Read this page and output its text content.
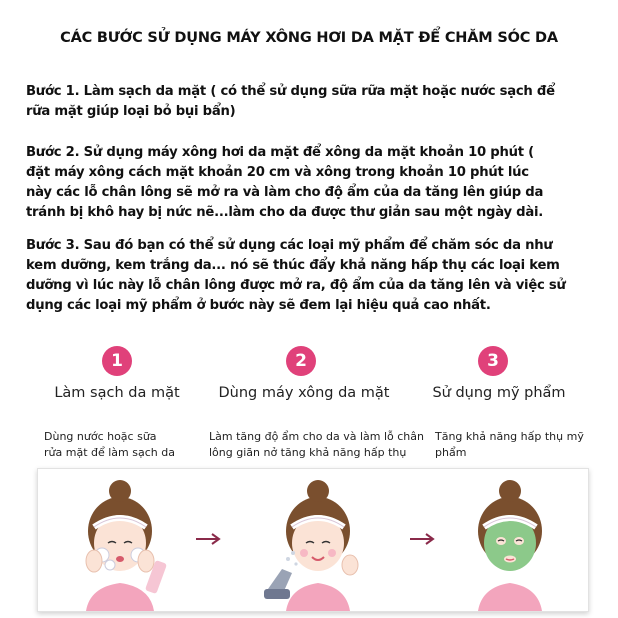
CÁC BƯỚC SỬ DỤNG MÁY XÔNG HƠI DA MẶT ĐỂ CHĂM SÓC DA
Bước 1. Làm sạch da mặt ( có thể sử dụng sữa rữa mặt hoặc nước sạch để
rữa mặt giúp loại bỏ bụi bẩn)
Bước 2. Sử dụng máy xông hơi da mặt để xông da mặt khoản 10 phút (
đặt máy xông cách mặt khoản 20 cm và xông trong khoản 10 phút lúc
này các lỗ chân lông sẽ mở ra và làm cho độ ẩm của da tăng lên giúp da
tránh bị khô hay bị nức nẽ...làm cho da được thư giản sau một ngày dài.
Bước 3. Sau đó bạn có thể sử dụng các loại mỹ phẩm để chăm sóc da như
kem dưỡng, kem trắng da... nó sẽ thúc đẩy khả năng hấp thụ các loại kem
dưỡng vì lúc này lỗ chân lông được mở ra, độ ẩm của da tăng lên và việc sử
dụng các loại mỹ phẩm ở bước này sẽ đem lại hiệu quả cao nhất.
1	2	3
Làm sạch da mặt	Dùng máy xông da mặt	Sử dụng mỹ phẩm
Dùng nước hoặc sữa
rửa mặt để làm sạch da
Làm tăng độ ẩm cho da và làm lỗ chân
lông giãn nở tăng khả năng hấp thụ
Tăng khả năng hấp thụ mỹ
phẩm
